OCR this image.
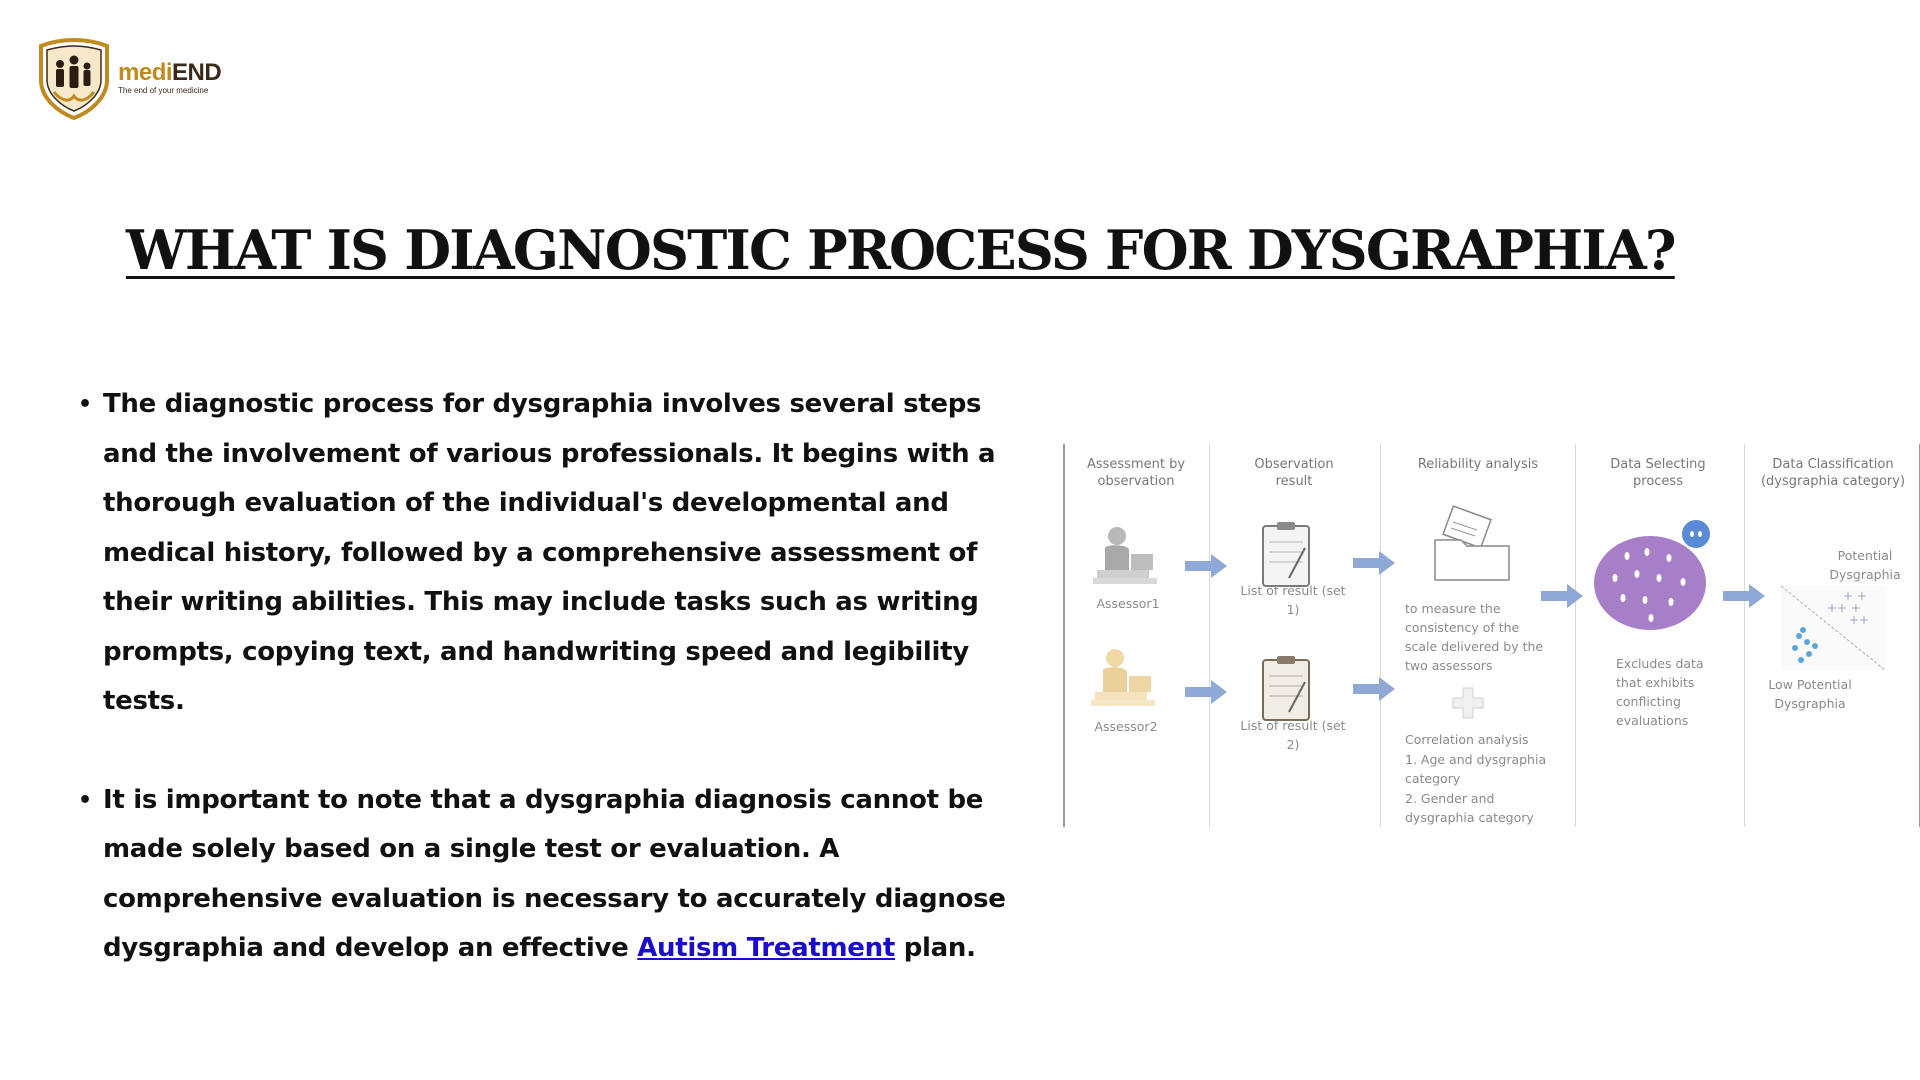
mediEND
The end of your medicine
WHAT IS DIAGNOSTIC PROCESS FOR DYSGRAPHIA?
• The diagnostic process for dysgraphia involves several steps and the involvement of various professionals. It begins with a thorough evaluation of the individual's developmental and medical history, followed by a comprehensive assessment of their writing abilities. This may include tasks such as writing prompts, copying text, and handwriting speed and legibility tests.
• It is important to note that a dysgraphia diagnosis cannot be made solely based on a single test or evaluation. A comprehensive evaluation is necessary to accurately diagnose dysgraphia and develop an effective Autism Treatment plan.
Assessment by observation
Observation result
Reliability analysis	Data Selecting process
Data Classification (dysgraphia category)
Assessor1
Assessor2
List of result (set 1)
List of result (set 2)
to measure the consistency of the scale delivered by the two assessors
Correlation analysis
1. Age and dysgraphia category
2. Gender and dysgraphia category
Excludes data that exhibits conflicting evaluations
Potential Dysgraphia
++ +
+ +
++
Low Potential Dysgraphia
